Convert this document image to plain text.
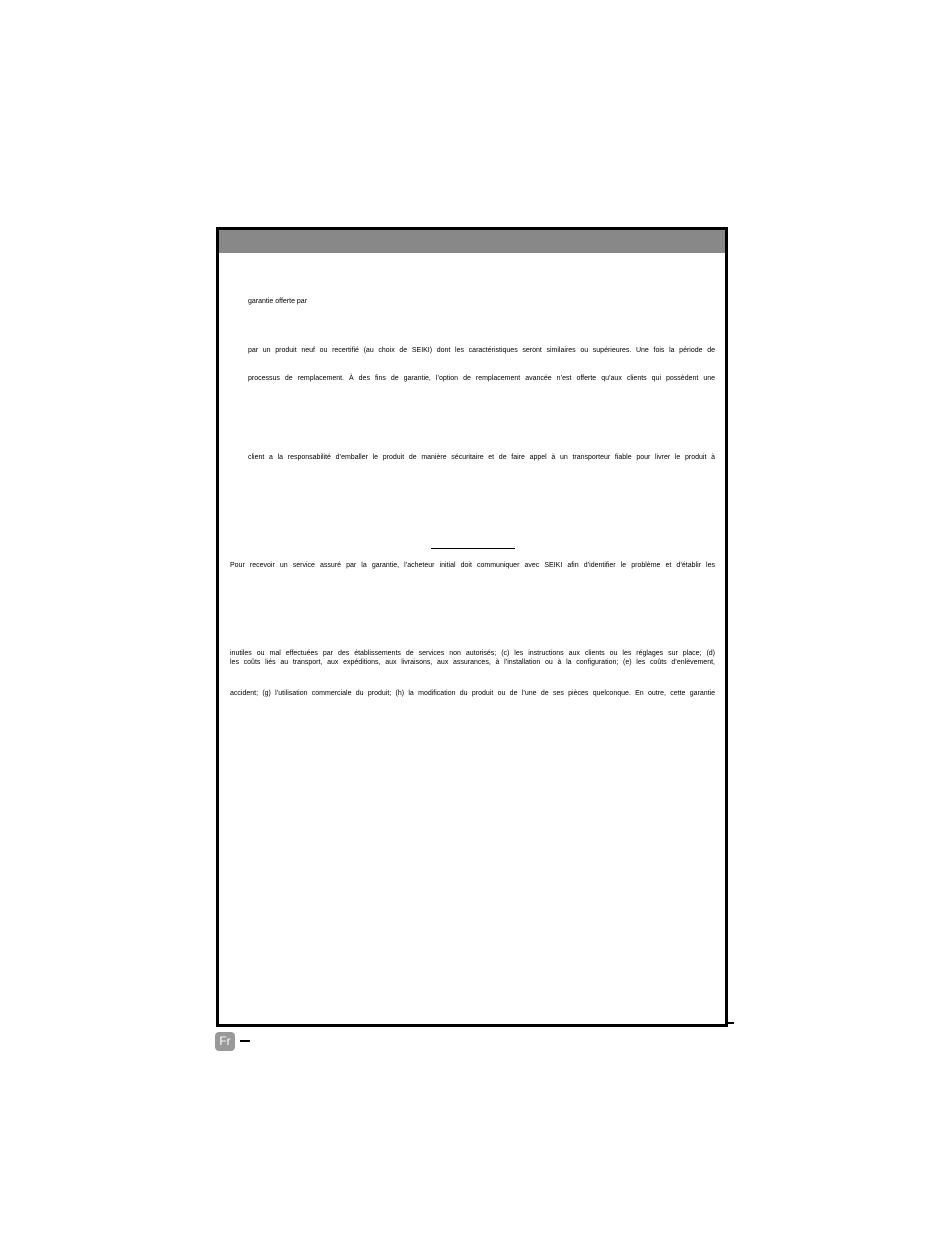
garantie offerte par
par un produit neuf ou recertifié (au choix de SEIKI) dont les caractéristiques seront similaires ou supérieures. Une fois la période de
processus de remplacement. À des fins de garantie, l’option de remplacement avancée n’est offerte qu’aux clients qui possèdent une
client a la responsabilité d’emballer le produit de manière sécuritaire et de faire appel à un transporteur fiable pour livrer le produit à
Pour recevoir un service assuré par la garantie, l’acheteur initial doit communiquer avec SEIKI afin d’identifier le problème et d’établir les
inutiles ou mal effectuées par des établissements de services non autorisés; (c) les instructions aux clients ou les réglages sur place; (d)
les coûts liés au transport, aux expéditions, aux livraisons, aux assurances, à l’installation ou à la configuration; (e) les coûts d’enlèvement,
accident; (g) l’utilisation commerciale du produit; (h) la modification du produit ou de l’une de ses pièces quelconque. En outre, cette garantie
Fr
